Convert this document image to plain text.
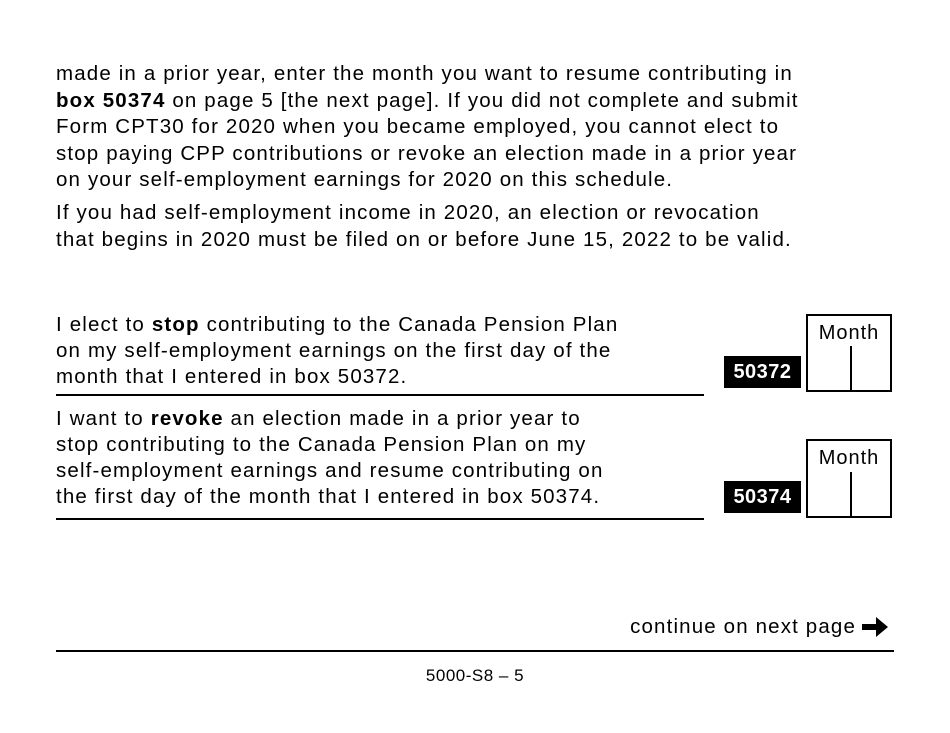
made in a prior year, enter the month you want to resume contributing in
box 50374 on page 5 [the next page]. If you did not complete and submit
Form CPT30 for 2020 when you became employed, you cannot elect to
stop paying CPP contributions or revoke an election made in a prior year
on your self-employment earnings for 2020 on this schedule.
If you had self-employment income in 2020, an election or revocation
that begins in 2020 must be filed on or before June 15, 2022 to be valid.
I elect to stop contributing to the Canada Pension Plan
on my self-employment earnings on the first day of the
month that I entered in box 50372.	50372
Month
I want to revoke an election made in a prior year to
stop contributing to the Canada Pension Plan on my
self-employment earnings and resume contributing on
the first day of the month that I entered in box 50374.	50374
Month
continue on next page
5000-S8 – 5
